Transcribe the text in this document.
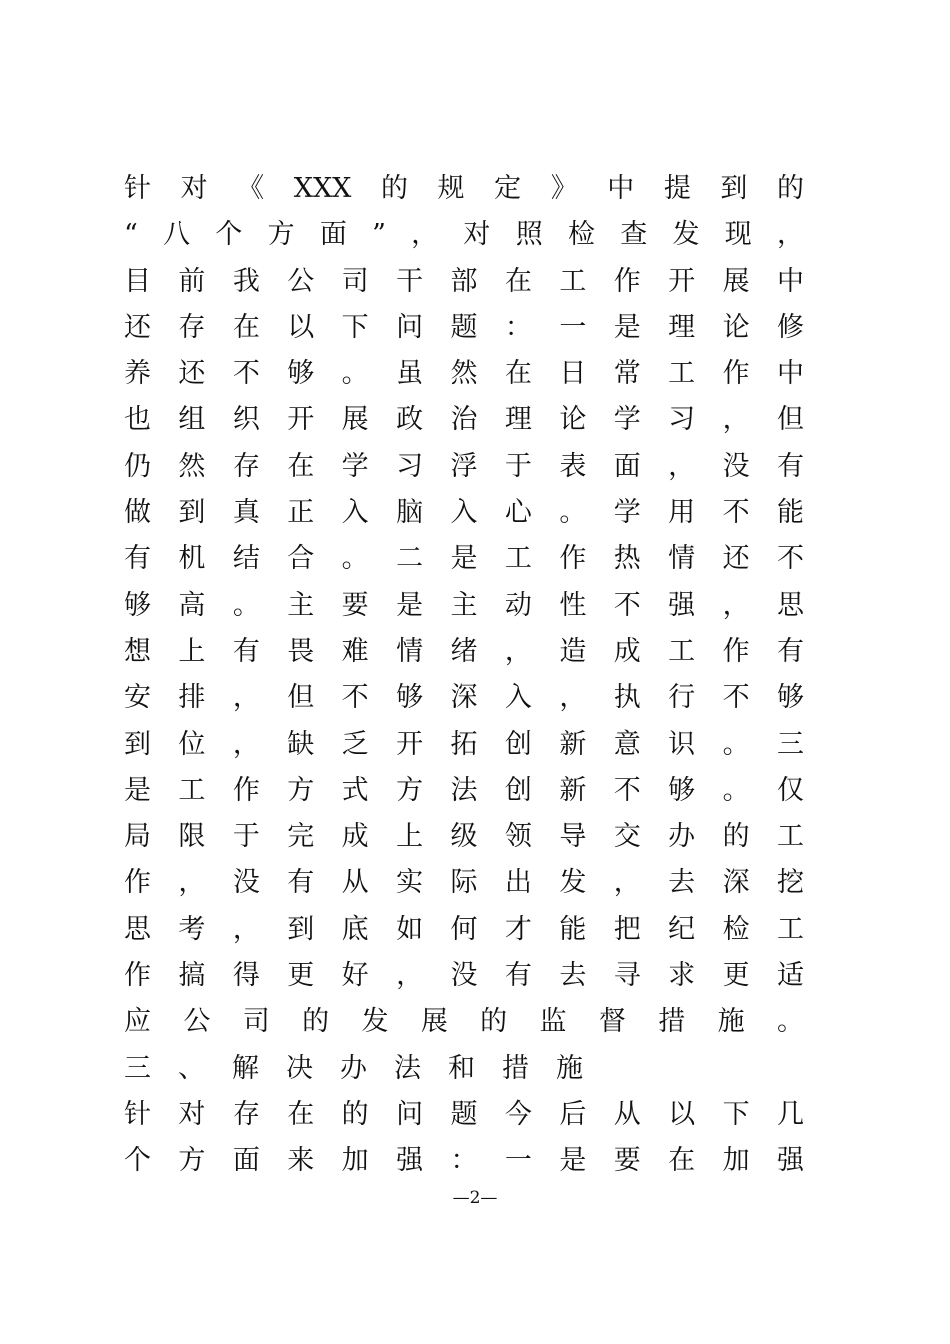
针对《XXX的规定》中提到的
“八个方面”，对照检查发现，
目前我公司干部在工作开展中
还存在以下问题：一是理论修
养还不够。虽然在日常工作中
也组织开展政治理论学习，但
仍然存在学习浮于表面，没有
做到真正入脑入心。学用不能
有机结合。二是工作热情还不
够高。主要是主动性不强，思
想上有畏难情绪，造成工作有
安排，但不够深入，执行不够
到位，缺乏开拓创新意识。三
是工作方式方法创新不够。仅
局限于完成上级领导交办的工
作，没有从实际出发，去深挖
思考，到底如何才能把纪检工
作搞得更好，没有去寻求更适
应公司的发展的监督措施。
三、解决办法和措施
针对存在的问题今后从以下几
个方面来加强：一是要在加强
—2—
